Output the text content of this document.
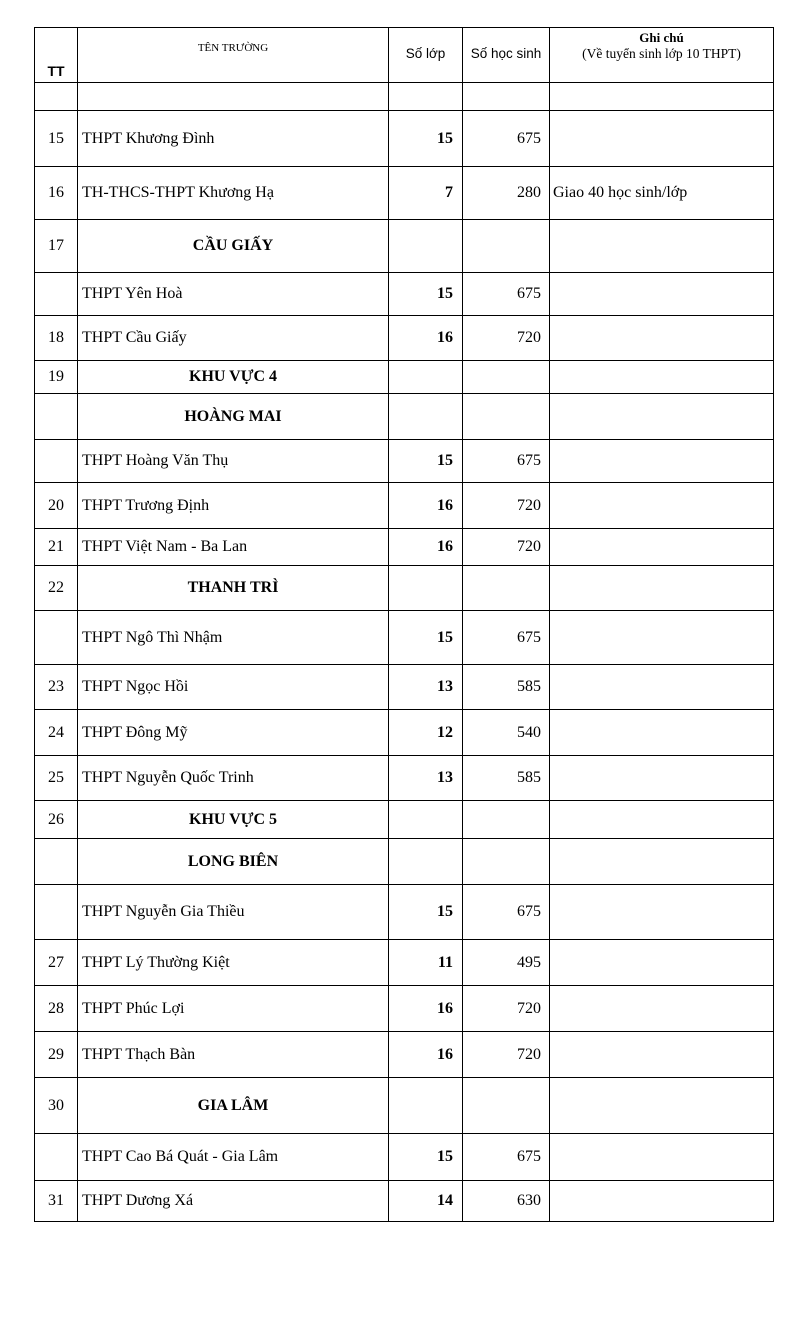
TT	TÊN TRƯỜNG	Số lớp	Số học sinh	Ghi chú
(Về tuyển sinh lớp 10 THPT)

15	THPT Khương Đình	15	675	
16	TH-THCS-THPT Khương Hạ	7	280	Giao 40 học sinh/lớp
17	CẦU GIẤY			
	THPT Yên Hoà	15	675	
18	THPT Cầu Giấy	16	720	
19	KHU VỰC 4			
	HOÀNG MAI			
	THPT Hoàng Văn Thụ	15	675	
20	THPT Trương Định	16	720	
21	THPT Việt Nam - Ba Lan	16	720	
22	THANH TRÌ			
	THPT Ngô Thì Nhậm	15	675	
23	THPT Ngọc Hồi	13	585	
24	THPT Đông Mỹ	12	540	
25	THPT Nguyễn Quốc Trinh	13	585	
26	KHU VỰC 5			
	LONG BIÊN			
	THPT Nguyễn Gia Thiều	15	675	
27	THPT Lý Thường Kiệt	11	495	
28	THPT Phúc Lợi	16	720	
29	THPT Thạch Bàn	16	720	
30	GIA LÂM			
	THPT Cao Bá Quát - Gia Lâm	15	675	
31	THPT Dương Xá	14	630	
